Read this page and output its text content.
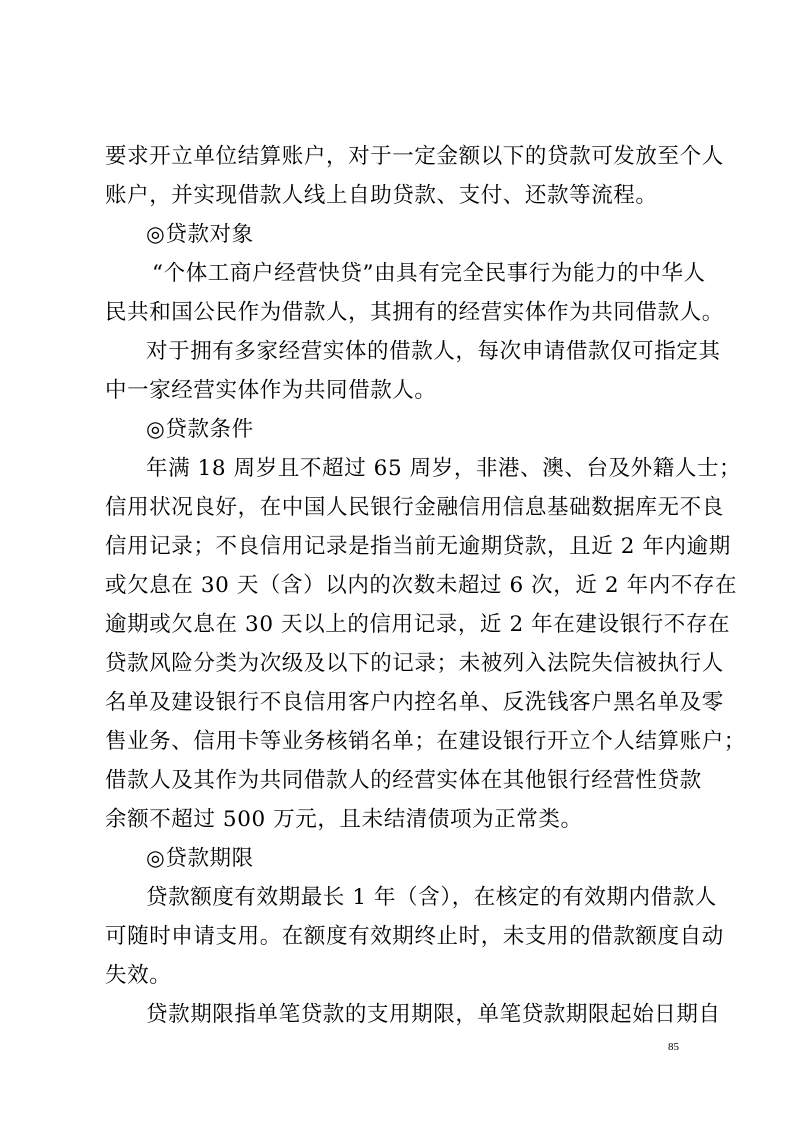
要求开立单位结算账户，对于一定金额以下的贷款可发放至个人
账户，并实现借款人线上自助贷款、支付、还款等流程。
◎贷款对象
“个体工商户经营快贷”由具有完全民事行为能力的中华人
民共和国公民作为借款人，其拥有的经营实体作为共同借款人。
对于拥有多家经营实体的借款人，每次申请借款仅可指定其
中一家经营实体作为共同借款人。
◎贷款条件
年满 18 周岁且不超过 65 周岁，非港、澳、台及外籍人士；
信用状况良好，在中国人民银行金融信用信息基础数据库无不良
信用记录；不良信用记录是指当前无逾期贷款，且近 2 年内逾期
或欠息在 30 天（含）以内的次数未超过 6 次，近 2 年内不存在
逾期或欠息在 30 天以上的信用记录，近 2 年在建设银行不存在
贷款风险分类为次级及以下的记录；未被列入法院失信被执行人
名单及建设银行不良信用客户内控名单、反洗钱客户黑名单及零
售业务、信用卡等业务核销名单；在建设银行开立个人结算账户；
借款人及其作为共同借款人的经营实体在其他银行经营性贷款
余额不超过 500 万元，且未结清债项为正常类。
◎贷款期限
贷款额度有效期最长 1 年（含），在核定的有效期内借款人
可随时申请支用。在额度有效期终止时，未支用的借款额度自动
失效。
贷款期限指单笔贷款的支用期限，单笔贷款期限起始日期自
85
